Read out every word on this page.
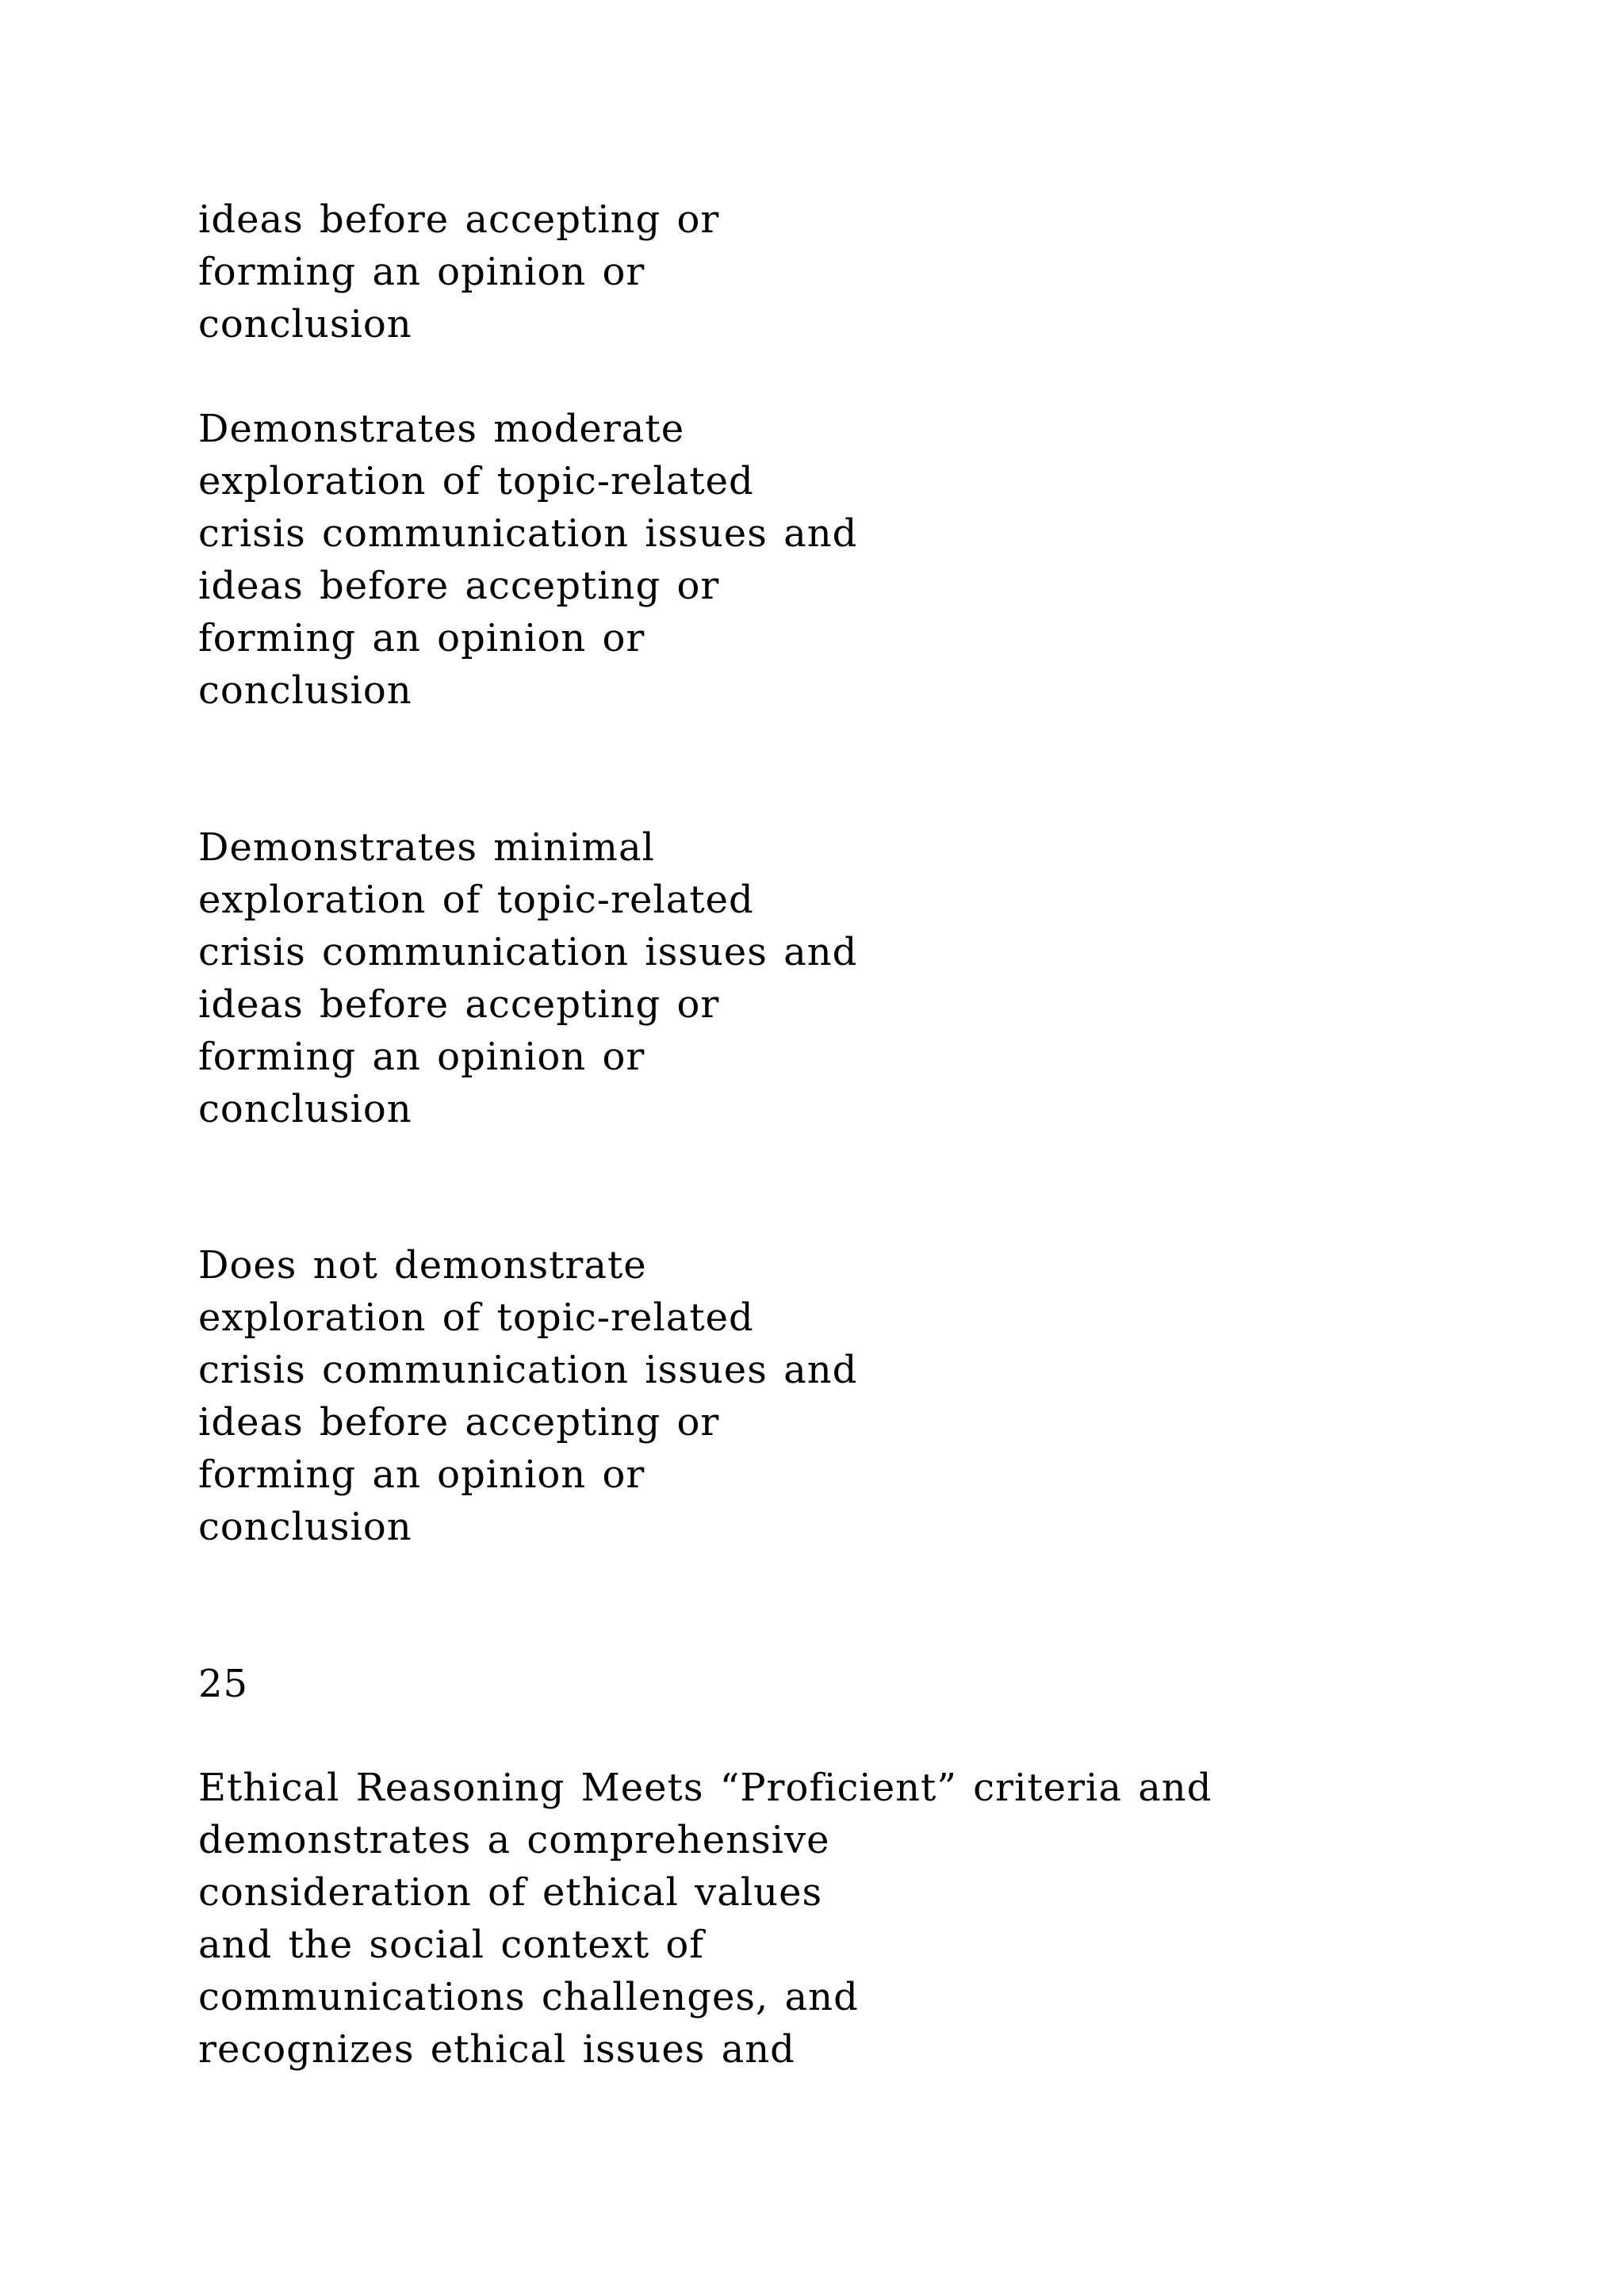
ideas before accepting or
forming an opinion or
conclusion
Demonstrates moderate
exploration of topic-related
crisis communication issues and
ideas before accepting or
forming an opinion or
conclusion
Demonstrates minimal
exploration of topic-related
crisis communication issues and
ideas before accepting or
forming an opinion or
conclusion
Does not demonstrate
exploration of topic-related
crisis communication issues and
ideas before accepting or
forming an opinion or
conclusion
25
Ethical Reasoning Meets “Proficient” criteria and
demonstrates a comprehensive
consideration of ethical values
and the social context of
communications challenges, and
recognizes ethical issues and
